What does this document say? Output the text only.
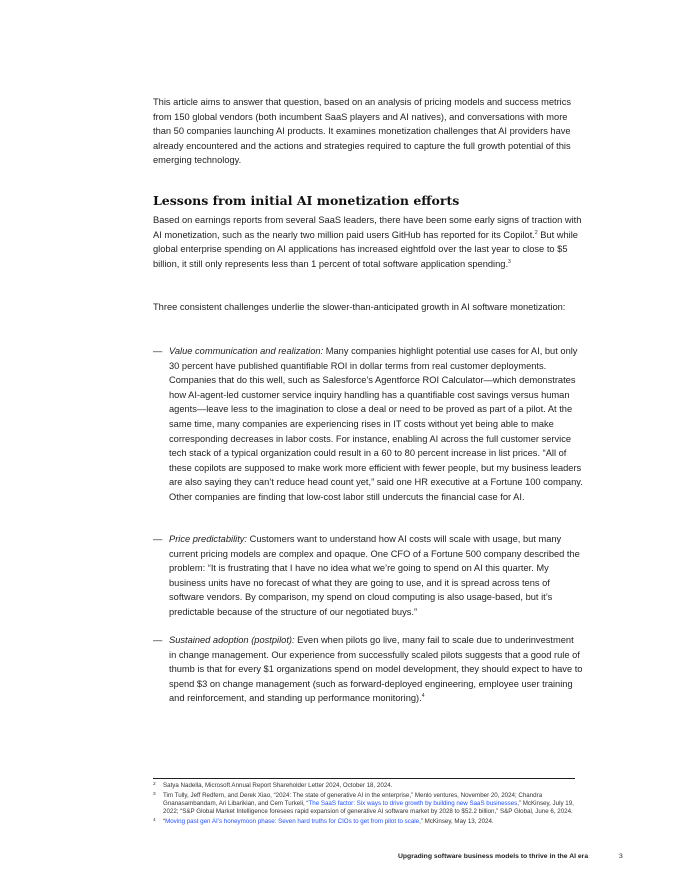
This article aims to answer that question, based on an analysis of pricing models and success metrics from 150 global vendors (both incumbent SaaS players and AI natives), and conversations with more than 50 companies launching AI products. It examines monetization challenges that AI providers have already encountered and the actions and strategies required to capture the full growth potential of this emerging technology.

Lessons from initial AI monetization efforts

Based on earnings reports from several SaaS leaders, there have been some early signs of traction with AI monetization, such as the nearly two million paid users GitHub has reported for its Copilot.$^2$ But while global enterprise spending on AI applications has increased eightfold over the last year to close to $5 billion, it still only represents less than 1 percent of total software application spending.$^3$

Three consistent challenges underlie the slower-than-anticipated growth in AI software monetization:

— Value communication and realization: Many companies highlight potential use cases for AI, but only 30 percent have published quantifiable ROI in dollar terms from real customer deployments. Companies that do this well, such as Salesforce’s Agentforce ROI Calculator—which demonstrates how AI-agent-led customer service inquiry handling has a quantifiable cost savings versus human agents—leave less to the imagination to close a deal or need to be proved as part of a pilot. At the same time, many companies are experiencing rises in IT costs without yet being able to make corresponding decreases in labor costs. For instance, enabling AI across the full customer service tech stack of a typical organization could result in a 60 to 80 percent increase in list prices. “All of these copilots are supposed to make work more efficient with fewer people, but my business leaders are also saying they can’t reduce head count yet,” said one HR executive at a Fortune 100 company. Other companies are finding that low-cost labor still undercuts the financial case for AI.

— Price predictability: Customers want to understand how AI costs will scale with usage, but many current pricing models are complex and opaque. One CFO of a Fortune 500 company described the problem: “It is frustrating that I have no idea what we’re going to spend on AI this quarter. My business units have no forecast of what they are going to use, and it is spread across tens of software vendors. By comparison, my spend on cloud computing is also usage-based, but it’s predictable because of the structure of our negotiated buys.”

— Sustained adoption (postpilot): Even when pilots go live, many fail to scale due to underinvestment in change management. Our experience from successfully scaled pilots suggests that a good rule of thumb is that for every $1 organizations spend on model development, they should expect to have to spend $3 on change management (such as forward-deployed engineering, employee user training and reinforcement, and standing up performance monitoring).$^4$

2 Satya Nadella, Microsoft Annual Report Shareholder Letter 2024, October 18, 2024.

3 Tim Tully, Jeff Redfern, and Derek Xiao, “2024: The state of generative AI in the enterprise,” Menlo ventures, November 20, 2024; Chandra Gnanasambandam, Ari Libarikian, and Cem Turkeli, “The SaaS factor: Six ways to drive growth by building new SaaS businesses,” McKinsey, July 19, 2022; “S&P Global Market Intelligence foresees rapid expansion of generative AI software market by 2028 to $52.2 billion,” S&P Global, June 6, 2024.

4 “Moving past gen AI’s honeymoon phase: Seven hard truths for CIOs to get from pilot to scale,” McKinsey, May 13, 2024.

Upgrading software business models to thrive in the AI era	3
